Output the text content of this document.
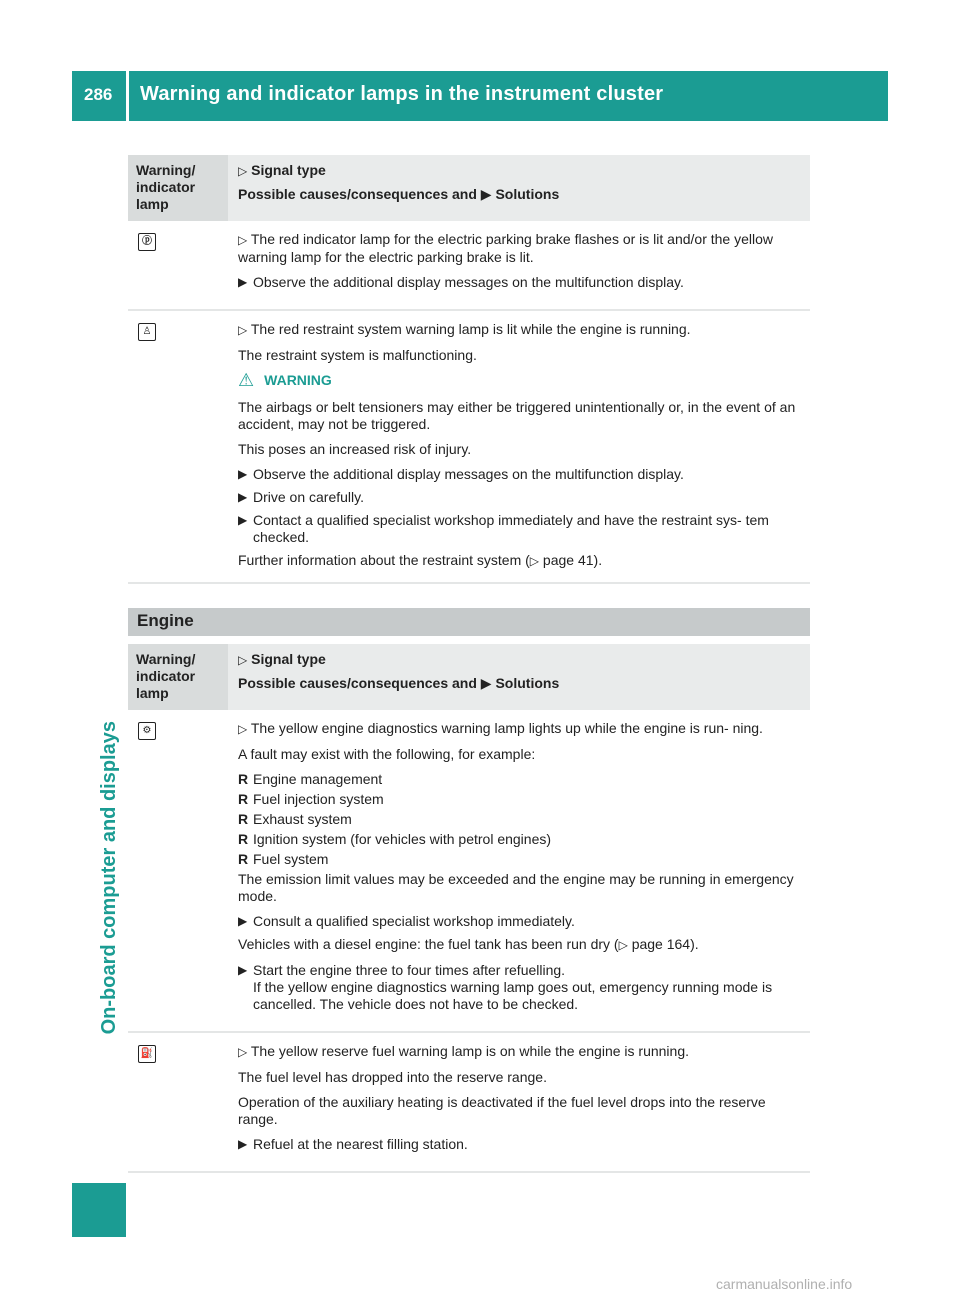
286 Warning and indicator lamps in the instrument cluster
On-board computer and displays
Warning/
indicator
lamp
▷ Signal type
Possible causes/consequences and ▶ Solutions
ⓟ	▷ The red indicator lamp for the electric parking brake flashes or is lit and/or the yellow warning lamp for the electric parking brake is lit.

▶ Observe the additional display messages on the multifunction display.
♙	▷ The red restraint system warning lamp is lit while the engine is running.

The restraint system is malfunctioning.

⚠ WARNING

The airbags or belt tensioners may either be triggered unintentionally or, in the event of an accident, may not be triggered.

This poses an increased risk of injury.

▶ Observe the additional display messages on the multifunction display.
▶ Drive on carefully.
▶ Contact a qualified specialist workshop immediately and have the restraint sys- tem checked.

Further information about the restraint system (▷ page 41).

Engine
Warning/
indicator
lamp
▷ Signal type
Possible causes/consequences and ▶ Solutions
⚙	▷ The yellow engine diagnostics warning lamp lights up while the engine is run- ning.

A fault may exist with the following, for example:

R Engine management
R Fuel injection system
R Exhaust system
R Ignition system (for vehicles with petrol engines)
R Fuel system

The emission limit values may be exceeded and the engine may be running in emergency mode.

▶ Consult a qualified specialist workshop immediately.

Vehicles with a diesel engine: the fuel tank has been run dry (▷ page 164).

▶ Start the engine three to four times after refuelling.
If the yellow engine diagnostics warning lamp goes out, emergency running mode is cancelled. The vehicle does not have to be checked.
⛽	▷ The yellow reserve fuel warning lamp is on while the engine is running.

The fuel level has dropped into the reserve range.

Operation of the auxiliary heating is deactivated if the fuel level drops into the reserve range.

▶ Refuel at the nearest filling station.
carmanualsonline.info
